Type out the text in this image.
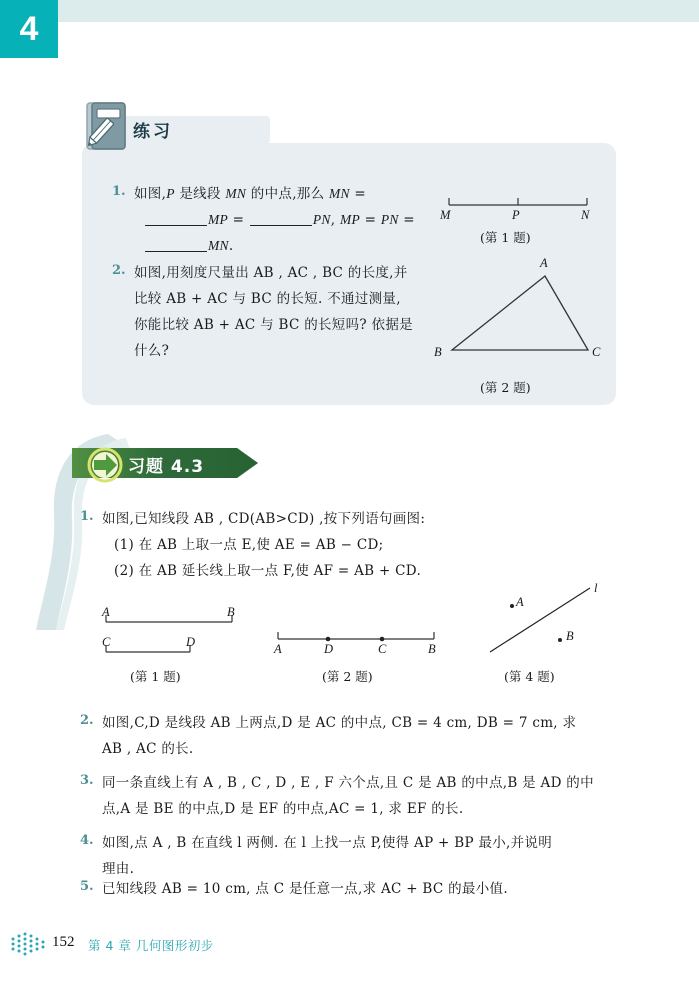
4
练习
1. 如图,P 是线段 MN 的中点,那么 MN =
MP =	PN, MP = PN =
MN.
2. 如图,用刻度尺量出 AB , AC , BC 的长度,并
比较 AB + AC 与 BC 的长短. 不通过测量,
你能比较 AB + AC 与 BC 的长短吗? 依据是
什么?
M	P	N
(第 1 题)
A
B	C
(第 2 题)
习题 4.3
1. 如图,已知线段 AB , CD(AB>CD) ,按下列语句画图:
(1) 在 AB 上取一点 E,使 AE = AB − CD;
(2) 在 AB 延长线上取一点 F,使 AF = AB + CD.
A	B
C	D
(第 1 题)
A	D	C	B
(第 2 题)
A
B
l
(第 4 题)
2. 如图,C,D 是线段 AB 上两点,D 是 AC 的中点, CB = 4 cm, DB = 7 cm, 求
AB , AC 的长.
3. 同一条直线上有 A , B , C , D , E , F 六个点,且 C 是 AB 的中点,B 是 AD 的中
点,A 是 BE 的中点,D 是 EF 的中点,AC = 1, 求 EF 的长.
4. 如图,点 A , B 在直线 l 两侧. 在 l 上找一点 P,使得 AP + BP 最小,并说明
理由.
5. 已知线段 AB = 10 cm, 点 C 是任意一点,求 AC + BC 的最小值.
152 第 4 章 几何图形初步
